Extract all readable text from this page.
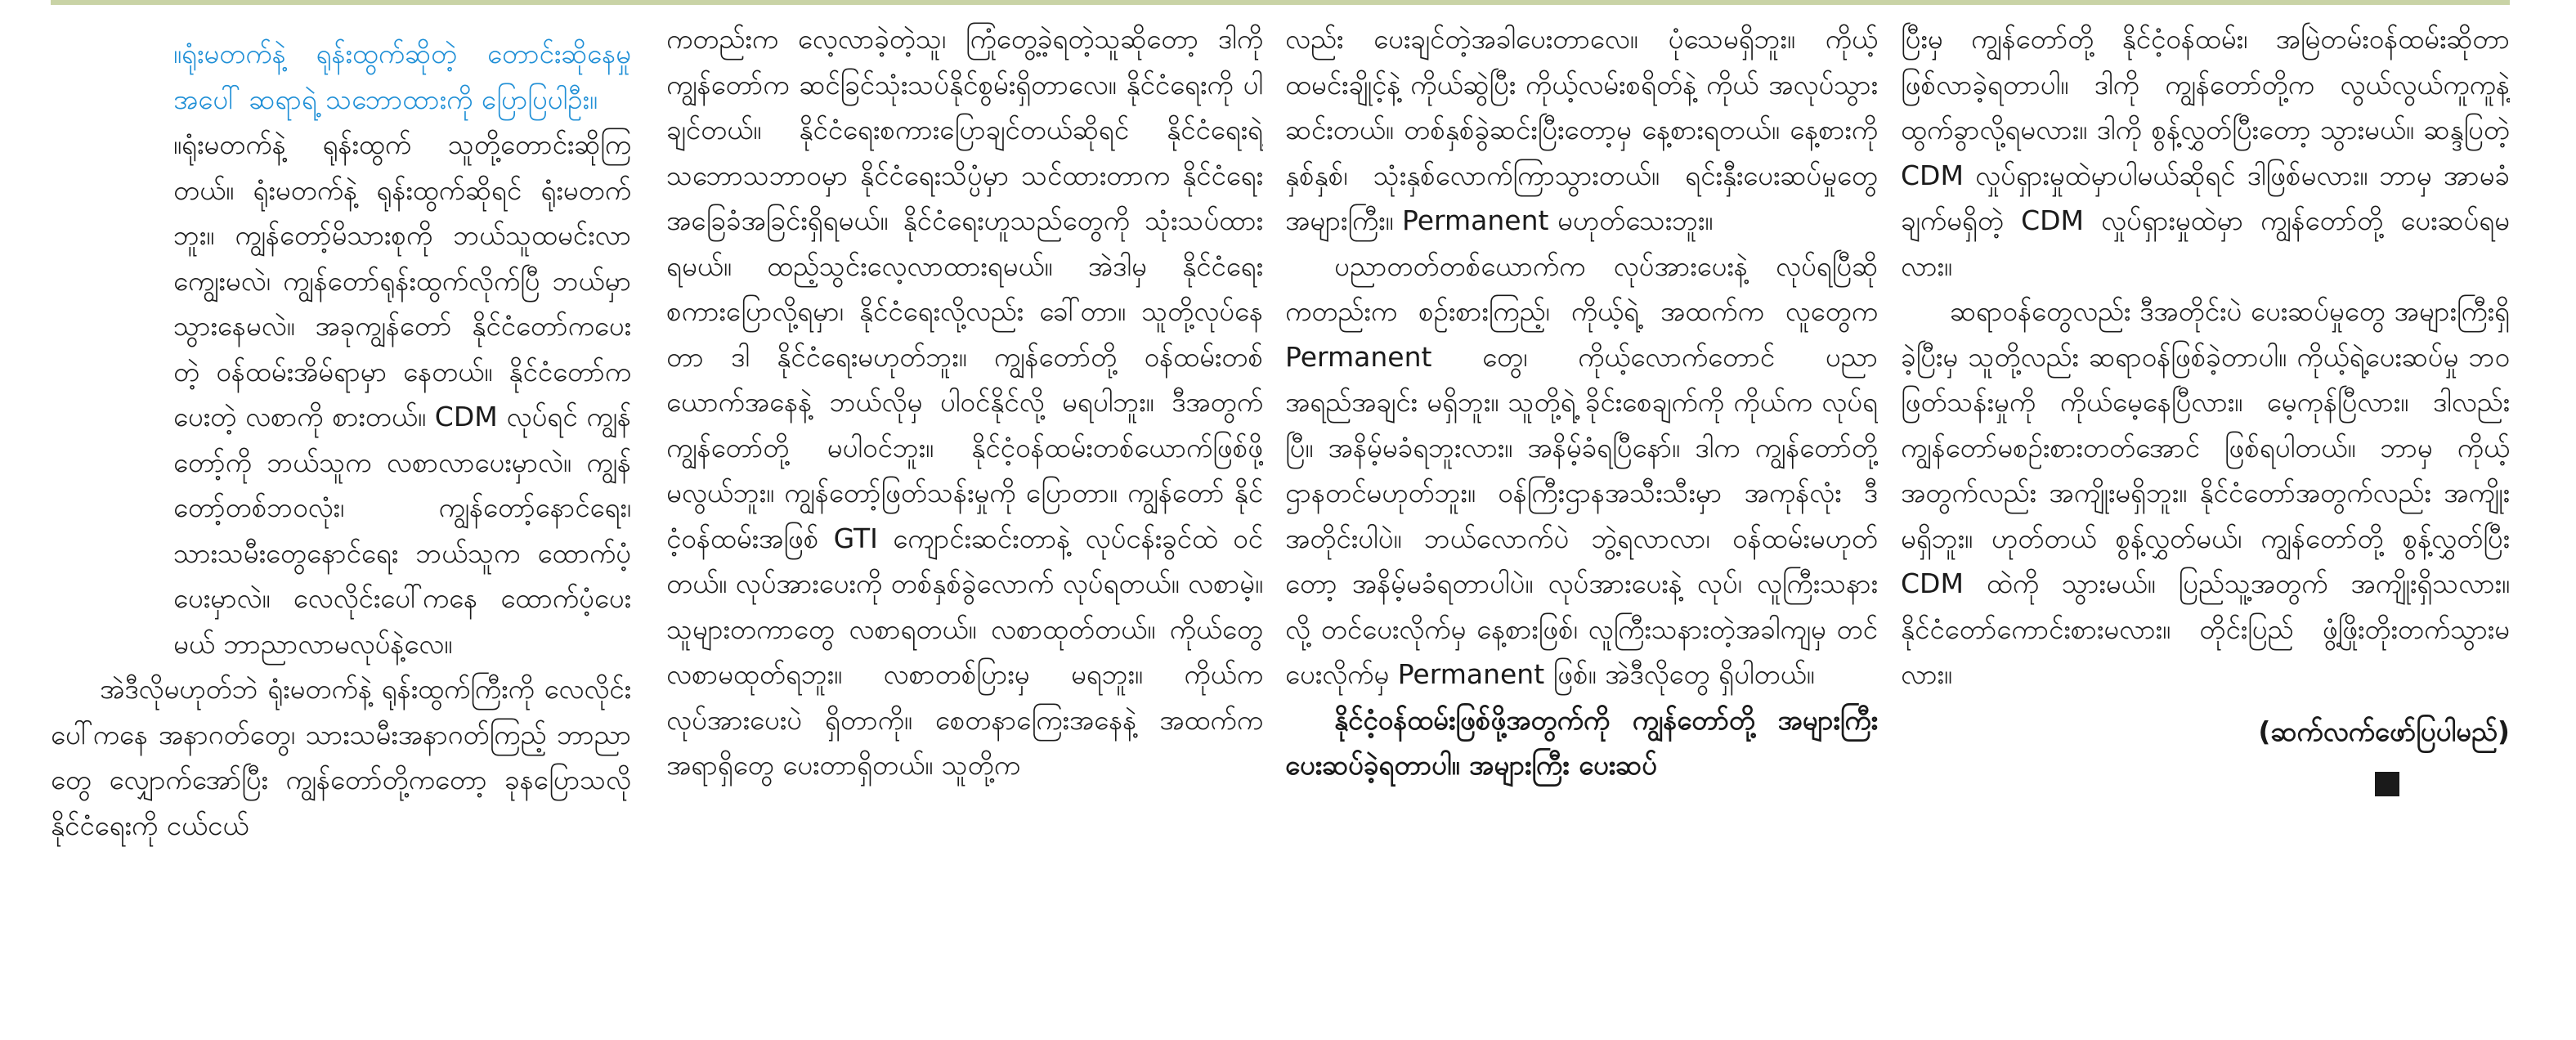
။ရုံးမတက်နဲ့ ရုန်းထွက်ဆိုတဲ့ တောင်းဆိုနေမှုအပေါ် ဆရာရဲ့ သဘောထားကို ပြောပြပါဦး။

။ရုံးမတက်နဲ့ ရုန်းထွက် သူတို့တောင်းဆိုကြတယ်။ ရုံးမတက်နဲ့ ရုန်းထွက်ဆိုရင် ရုံးမတက်ဘူး။ ကျွန်တော့်မိသားစုကို ဘယ်သူထမင်းလာကျွေးမလဲ၊ ကျွန်တော်ရုန်းထွက်လိုက်ပြီ ဘယ်မှာသွားနေမလဲ။ အခုကျွန်တော် နိုင်ငံတော်ကပေးတဲ့ ဝန်ထမ်းအိမ်ရာမှာ နေတယ်။ နိုင်ငံတော်ကပေးတဲ့ လစာကို စားတယ်။ CDM လုပ်ရင် ကျွန်တော့်ကို ဘယ်သူက လစာလာပေးမှာလဲ။ ကျွန်တော့်တစ်ဘဝလုံး၊ ကျွန်တော့်နောင်ရေး၊ သားသမီးတွေနောင်ရေး ဘယ်သူက ထောက်ပံ့ပေးမှာလဲ။ လေလိုင်းပေါ်ကနေ ထောက်ပံ့ပေးမယ် ဘာညာလာမလုပ်နဲ့လေ။

အဲဒီလိုမဟုတ်ဘဲ ရုံးမတက်နဲ့ ရုန်းထွက်ကြီးကို လေလိုင်းပေါ်ကနေ အနာဂတ်တွေ၊ သားသမီးအနာဂတ်ကြည့် ဘာညာတွေ လျှောက်အော်ပြီး ကျွန်တော်တို့ကတော့ ခုနပြောသလို နိုင်ငံရေးကို ငယ်ငယ်

ကတည်းက လေ့လာခဲ့တဲ့သူ၊ ကြုံတွေ့ခဲ့ရတဲ့သူဆိုတော့ ဒါကို ကျွန်တော်က ဆင်ခြင်သုံးသပ်နိုင်စွမ်းရှိတာလေ။ နိုင်ငံရေးကို ပါချင်တယ်။ နိုင်ငံရေးစကားပြောချင်တယ်ဆိုရင် နိုင်ငံရေးရဲ့ သဘောသဘာဝမှာ နိုင်ငံရေးသိပ္ပံမှာ သင်ထားတာက နိုင်ငံရေးအခြေခံအခြင်းရှိရမယ်။ နိုင်ငံရေးဟူသည်တွေကို သုံးသပ်ထားရမယ်။ ထည့်သွင်းလေ့လာထားရမယ်။ အဲဒါမှ နိုင်ငံရေးစကားပြောလို့ရမှာ၊ နိုင်ငံရေးလို့လည်း ခေါ်တာ။ သူတို့လုပ်နေတာ ဒါ နိုင်ငံရေးမဟုတ်ဘူး။ ကျွန်တော်တို့ ဝန်ထမ်းတစ်ယောက်အနေနဲ့ ဘယ်လိုမှ ပါဝင်နိုင်လို့ မရပါဘူး။ ဒီအတွက် ကျွန်တော်တို့ မပါဝင်ဘူး။ နိုင်ငံ့ဝန်ထမ်းတစ်ယောက်ဖြစ်ဖို့ မလွယ်ဘူး။ ကျွန်တော့်ဖြတ်သန်းမှုကို ပြောတာ။ ကျွန်တော် နိုင်ငံ့ဝန်ထမ်းအဖြစ် GTI ကျောင်းဆင်းတာနဲ့ လုပ်ငန်းခွင်ထဲ ဝင်တယ်။ လုပ်အားပေးကို တစ်နှစ်ခွဲလောက် လုပ်ရတယ်။ လစာမဲ့။ သူများတကာတွေ လစာရတယ်။ လစာထုတ်တယ်။ ကိုယ်တွေ လစာမထုတ်ရဘူး။ လစာတစ်ပြားမှ မရဘူး။ ကိုယ်က လုပ်အားပေးပဲ ရှိတာကို။ စေတနာကြေးအနေနဲ့ အထက်က အရာရှိတွေ ပေးတာရှိတယ်။ သူတို့က

လည်း ပေးချင်တဲ့အခါပေးတာလေ။ ပုံသေမရှိဘူး။ ကိုယ့်ထမင်းချိုင့်နဲ့ ကိုယ်ဆွဲပြီး ကိုယ့်လမ်းစရိတ်နဲ့ ကိုယ် အလုပ်သွားဆင်းတယ်။ တစ်နှစ်ခွဲဆင်းပြီးတော့မှ နေ့စားရတယ်။ နေ့စားကို နှစ်နှစ်၊ သုံးနှစ်လောက်ကြာသွားတယ်။ ရင်းနှီးပေးဆပ်မှုတွေ အများကြီး။ Permanent မဟုတ်သေးဘူး။

ပညာတတ်တစ်ယောက်က လုပ်အားပေးနဲ့ လုပ်ရပြီဆိုကတည်းက စဉ်းစားကြည့်၊ ကိုယ့်ရဲ့ အထက်က လူတွေက Permanent တွေ၊ ကိုယ့်လောက်တောင် ပညာအရည်အချင်း မရှိဘူး။ သူတို့ရဲ့ ခိုင်းစေချက်ကို ကိုယ်က လုပ်ရပြီ။ အနိမ့်မခံရဘူးလား။ အနိမ့်ခံရပြီနော်။ ဒါက ကျွန်တော်တို့ ဌာနတင်မဟုတ်ဘူး။ ဝန်ကြီးဌာနအသီးသီးမှာ အကုန်လုံး ဒီအတိုင်းပါပဲ။ ဘယ်လောက်ပဲ ဘွဲ့ရလာလာ၊ ဝန်ထမ်းမဟုတ်တော့ အနိမ့်မခံရတာပါပဲ။ လုပ်အားပေးနဲ့ လုပ်၊ လူကြီးသနားလို့ တင်ပေးလိုက်မှ နေ့စားဖြစ်၊ လူကြီးသနားတဲ့အခါကျမှ တင်ပေးလိုက်မှ Permanent ဖြစ်။ အဲဒီလိုတွေ ရှိပါတယ်။

နိုင်ငံ့ဝန်ထမ်းဖြစ်ဖို့အတွက်ကို ကျွန်တော်တို့ အများကြီး ပေးဆပ်ခဲ့ရတာပါ။ အများကြီး ပေးဆပ်

ပြီးမှ ကျွန်တော်တို့ နိုင်ငံ့ဝန်ထမ်း၊ အမြဲတမ်းဝန်ထမ်းဆိုတာ ဖြစ်လာခဲ့ရတာပါ။ ဒါကို ကျွန်တော်တို့က လွယ်လွယ်ကူကူနဲ့ ထွက်ခွာလို့ရမလား။ ဒါကို စွန့်လွှတ်ပြီးတော့ သွားမယ်။ ဆန္ဒပြတဲ့ CDM လှုပ်ရှားမှုထဲမှာပါမယ်ဆိုရင် ဒါဖြစ်မလား။ ဘာမှ အာမခံချက်မရှိတဲ့ CDM လှုပ်ရှားမှုထဲမှာ ကျွန်တော်တို့ ပေးဆပ်ရမလား။

ဆရာဝန်တွေလည်း ဒီအတိုင်းပဲ ပေးဆပ်မှုတွေ အများကြီးရှိခဲ့ပြီးမှ သူတို့လည်း ဆရာဝန်ဖြစ်ခဲ့တာပါ။ ကိုယ့်ရဲ့ပေးဆပ်မှု ဘဝဖြတ်သန်းမှုကို ကိုယ်မေ့နေပြီလား။ မေ့ကုန်ပြီလား။ ဒါလည်း ကျွန်တော်မစဉ်းစားတတ်အောင် ဖြစ်ရပါတယ်။ ဘာမှ ကိုယ့်အတွက်လည်း အကျိုးမရှိဘူး။ နိုင်ငံတော်အတွက်လည်း အကျိုးမရှိဘူး။ ဟုတ်တယ် စွန့်လွှတ်မယ်၊ ကျွန်တော်တို့ စွန့်လွှတ်ပြီး CDM ထဲကို သွားမယ်။ ပြည်သူ့အတွက် အကျိုးရှိသလား။ နိုင်ငံတော်ကောင်းစားမလား။ တိုင်းပြည် ဖွံ့ဖြိုးတိုးတက်သွားမလား။

(ဆက်လက်ဖော်ပြပါမည်)
